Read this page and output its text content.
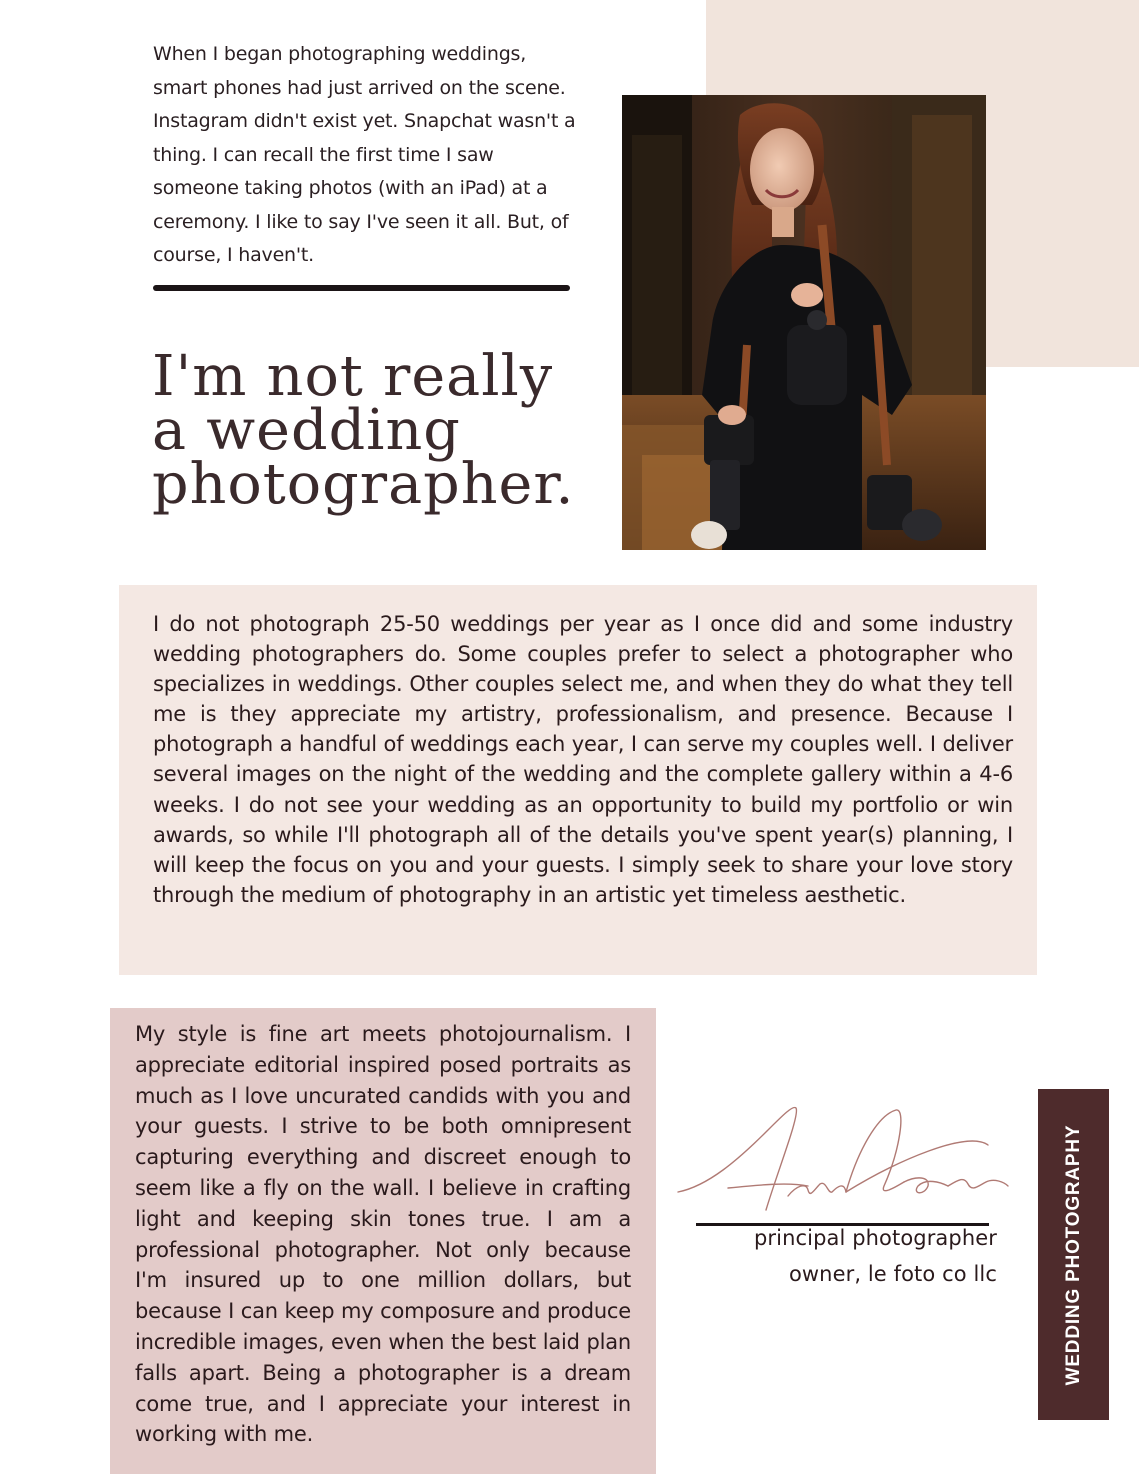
When I began photographing weddings, smart phones had just arrived on the scene. Instagram didn't exist yet. Snapchat wasn't a thing. I can recall the first time I saw someone taking photos (with an iPad) at a ceremony. I like to say I've seen it all. But, of course, I haven't.

I'm not really
a wedding
photographer.

I do not photograph 25-50 weddings per year as I once did and some industry wedding photographers do. Some couples prefer to select a photographer who specializes in weddings. Other couples select me, and when they do what they tell me is they appreciate my artistry, professionalism, and presence. Because I photograph a handful of weddings each year, I can serve my couples well. I deliver several images on the night of the wedding and the complete gallery within a 4-6 weeks. I do not see your wedding as an opportunity to build my portfolio or win awards, so while I'll photograph all of the details you've spent year(s) planning, I will keep the focus on you and your guests. I simply seek to share your love story through the medium of photography in an artistic yet timeless aesthetic.

My style is fine art meets photojournalism. I appreciate editorial inspired posed portraits as much as I love uncurated candids with you and your guests. I strive to be both omnipresent capturing everything and discreet enough to seem like a fly on the wall. I believe in crafting light and keeping skin tones true. I am a professional photographer. Not only because I'm insured up to one million dollars, but because I can keep my composure and produce incredible images, even when the best laid plan falls apart. Being a photographer is a dream come true, and I appreciate your interest in working with me.

principal photographer
owner, le foto co llc	WEDDING PHOTOGRAPHY
